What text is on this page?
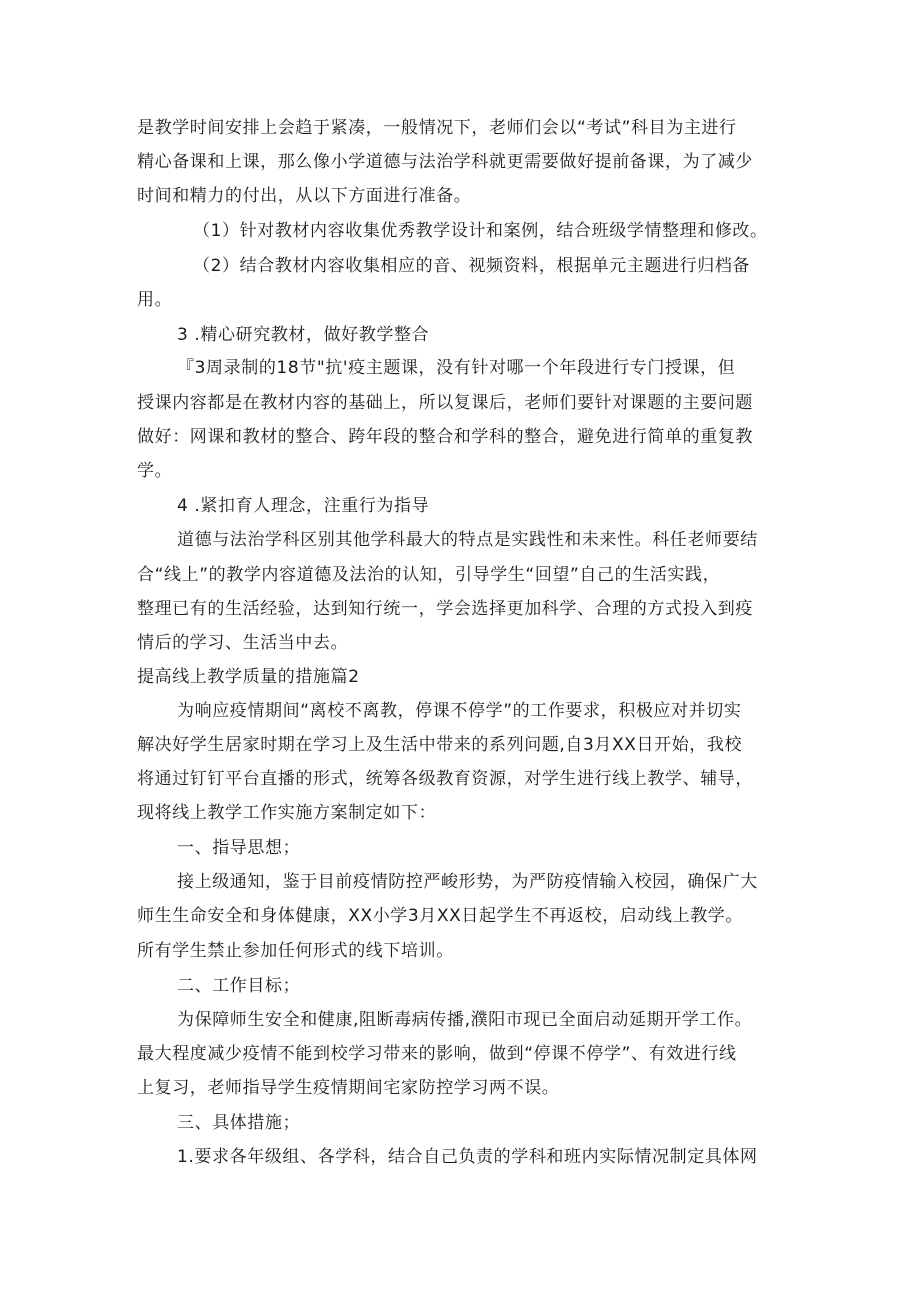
是教学时间安排上会趋于紧凑，一般情况下，老师们会以“考试”科目为主进行
精心备课和上课，那么像小学道德与法治学科就更需要做好提前备课，为了减少
时间和精力的付出，从以下方面进行准备。
（1）针对教材内容收集优秀教学设计和案例，结合班级学情整理和修改。
（2）结合教材内容收集相应的音、视频资料，根据单元主题进行归档备
用。
3 .精心研究教材，做好教学整合
『3周录制的18节"抗'疫主题课，没有针对哪一个年段进行专门授课，但
授课内容都是在教材内容的基础上，所以复课后，老师们要针对课题的主要问题
做好：网课和教材的整合、跨年段的整合和学科的整合，避免进行简单的重复教
学。
4 .紧扣育人理念，注重行为指导
道德与法治学科区别其他学科最大的特点是实践性和未来性。科任老师要结
合“线上”的教学内容道德及法治的认知，引导学生“回望”自己的生活实践，
整理已有的生活经验，达到知行统一，学会选择更加科学、合理的方式投入到疫
情后的学习、生活当中去。
提高线上教学质量的措施篇2
为响应疫情期间“离校不离教，停课不停学”的工作要求，积极应对并切实
解决好学生居家时期在学习上及生活中带来的系列问题,自3月XX日开始，我校
将通过钉钉平台直播的形式，统筹各级教育资源，对学生进行线上教学、辅导，
现将线上教学工作实施方案制定如下：
一、指导思想；
接上级通知，鉴于目前疫情防控严峻形势，为严防疫情输入校园，确保广大
师生生命安全和身体健康，XX小学3月XX日起学生不再返校，启动线上教学。
所有学生禁止参加任何形式的线下培训。
二、工作目标；
为保障师生安全和健康,阻断毒病传播,濮阳市现已全面启动延期开学工作。
最大程度减少疫情不能到校学习带来的影响，做到“停课不停学”、有效进行线
上复习，老师指导学生疫情期间宅家防控学习两不误。
三、具体措施；
1.要求各年级组、各学科，结合自己负责的学科和班内实际情况制定具体网
